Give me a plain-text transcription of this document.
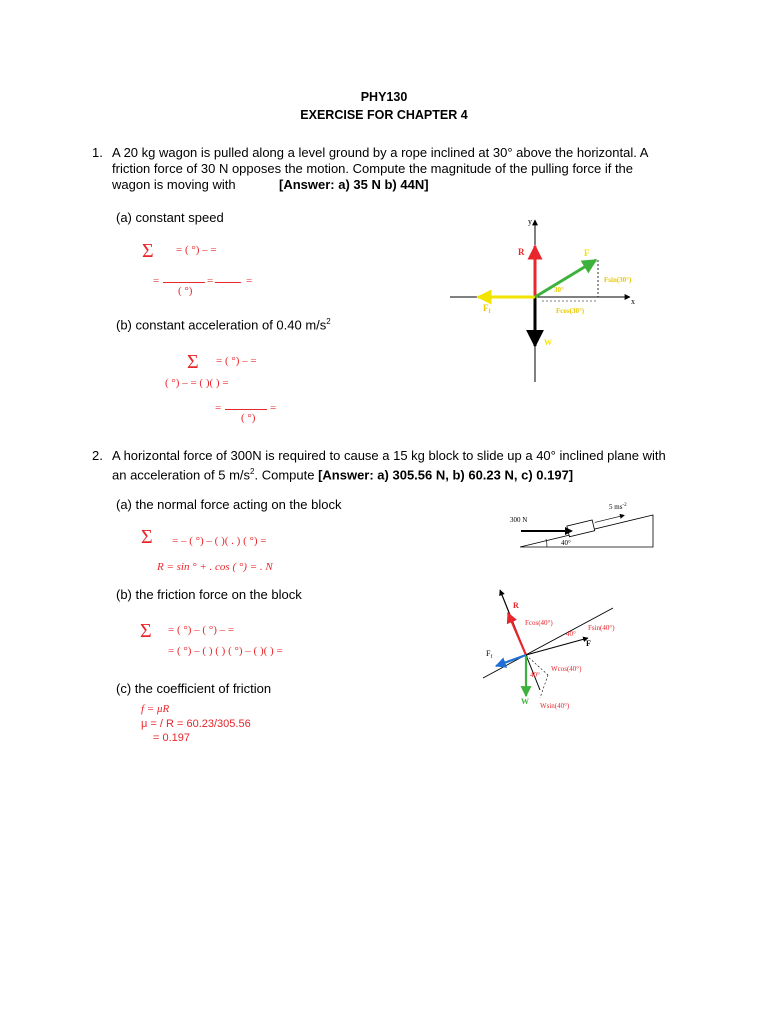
PHY130
EXERCISE FOR CHAPTER 4
1. A 20 kg wagon is pulled along a level ground by a rope inclined at 30° above the horizontal. A
friction force of 30 N opposes the motion. Compute the magnitude of the pulling force if the
wagon is moving with	[Answer: a) 35 N b) 44N]
(a) constant speed
Σ = ( °) – =
=
( °)
=	=
(b) constant acceleration of 0.40 $m/s^2$
Σ = ( °) – =
( °) – = ( )( ) =
=
( °)
=
y
x
R
W
$F_f$
F
30°
Fsin(30°)
Fcos(30°)
2. A horizontal force of 300N is required to cause a 15 kg block to slide up a 40° inclined plane with
an acceleration of 5 $m/s^2$. Compute [Answer: a) 305.56 N, b) 60.23 N, c) 0.197]
(a) the normal force acting on the block
Σ = – ( °) – ( )( . ) ( °) =
R = sin ° + . cos ( °) = . N
(b) the friction force on the block
Σ = ( °) – ( °) – =
= ( °) – ( ) ( ) ( °) – ( )( ) =
(c) the coefficient of friction
f = μR
μ = / R = 60.23/305.56
= 0.197
300 N
5 $ms^{-2}$
40°
R
F
$F_f$
W
Fcos(40°)
Fsin(40°)
40°
Wcos(40°)
40°
Wsin(40°)
